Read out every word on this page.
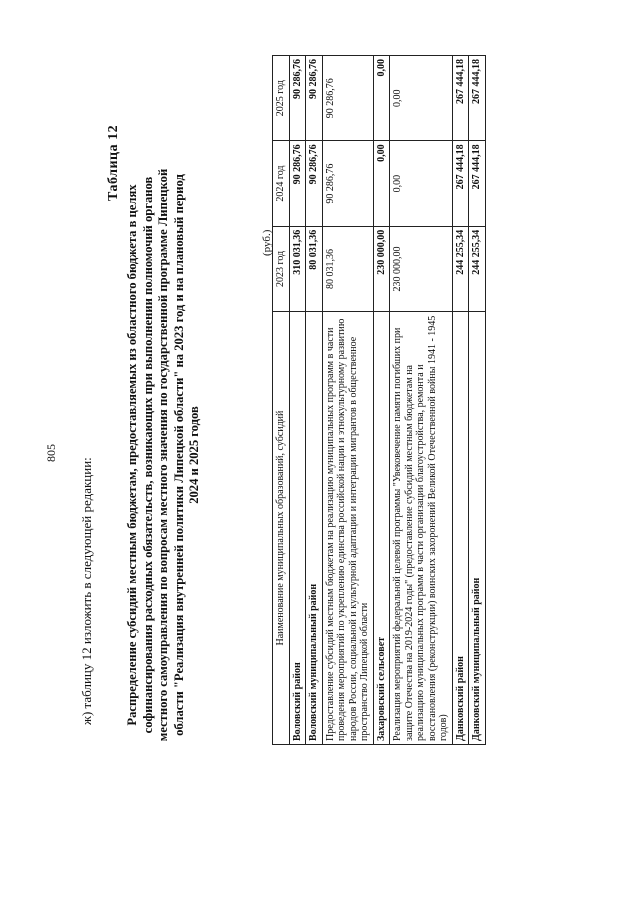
805
ж) таблицу 12 изложить в следующей редакции:
Таблица 12
Распределение субсидий местным бюджетам, предоставляемых из областного бюджета в целях софинансирования расходных обязательств, возникающих при выполнении полномочий органов местного самоуправления по вопросам местного значения по государственной программе Липецкой области "Реализация внутренней политики Липецкой области" на 2023 год и на плановый период 2024 и 2025 годов
(руб.)
Наименование муниципальных образований, субсидий	2023 год	2024 год	2025 год
Воловский район	310 031,36	90 286,76	90 286,76
Воловский муниципальный район	80 031,36	90 286,76	90 286,76
Предоставление субсидий местным бюджетам на реализацию муниципальных программ в части проведения мероприятий по укреплению единства российской нации и этнокультурному развитию народов России, социальной и культурной адаптации и интеграции мигрантов в общественное пространство Липецкой области	80 031,36	90 286,76	90 286,76
Захаровский сельсовет	230 000,00	0,00	0,00
Реализация мероприятий федеральной целевой программы "Увековечение памяти погибших при защите Отечества на 2019-2024 годы" (предоставление субсидий местным бюджетам на реализацию муниципальных программ в части организации благоустройства, ремонта и восстановления (реконструкции) воинских захоронений Великой Отечественной войны 1941 - 1945 годов)	230 000,00	0,00	0,00
Данковский район	244 255,34	267 444,18	267 444,18
Данковский муниципальный район	244 255,34	267 444,18	267 444,18
